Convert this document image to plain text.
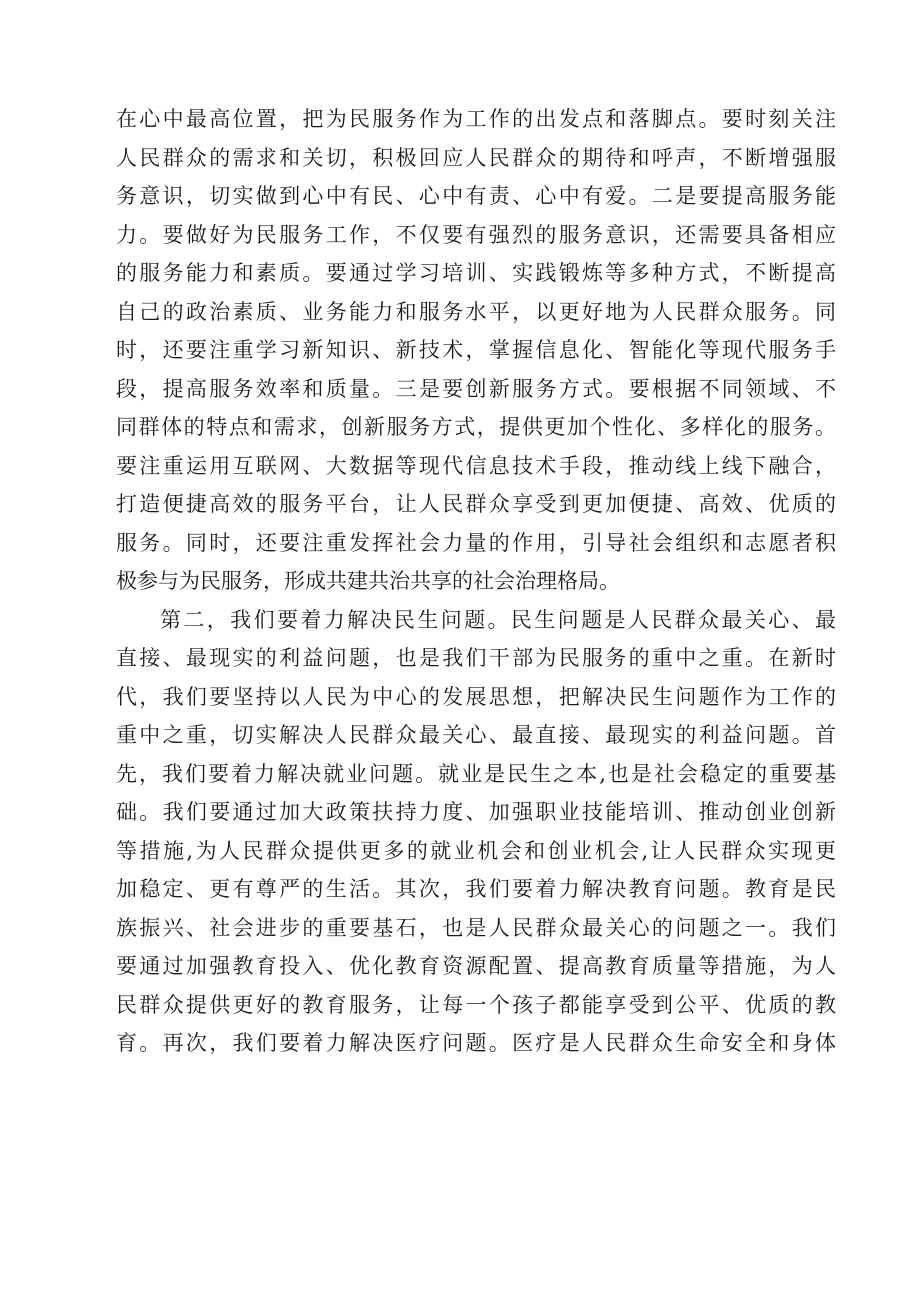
在心中最高位置，把为民服务作为工作的出发点和落脚点。要时刻关注
人民群众的需求和关切，积极回应人民群众的期待和呼声，不断增强服
务意识，切实做到心中有民、心中有责、心中有爱。二是要提高服务能
力。要做好为民服务工作，不仅要有强烈的服务意识，还需要具备相应
的服务能力和素质。要通过学习培训、实践锻炼等多种方式，不断提高
自己的政治素质、业务能力和服务水平，以更好地为人民群众服务。同
时，还要注重学习新知识、新技术，掌握信息化、智能化等现代服务手
段，提高服务效率和质量。三是要创新服务方式。要根据不同领域、不
同群体的特点和需求，创新服务方式，提供更加个性化、多样化的服务。
要注重运用互联网、大数据等现代信息技术手段，推动线上线下融合，
打造便捷高效的服务平台，让人民群众享受到更加便捷、高效、优质的
服务。同时，还要注重发挥社会力量的作用，引导社会组织和志愿者积
极参与为民服务，形成共建共治共享的社会治理格局。
第二，我们要着力解决民生问题。民生问题是人民群众最关心、最
直接、最现实的利益问题，也是我们干部为民服务的重中之重。在新时
代，我们要坚持以人民为中心的发展思想，把解决民生问题作为工作的
重中之重，切实解决人民群众最关心、最直接、最现实的利益问题。首
先，我们要着力解决就业问题。就业是民生之本,也是社会稳定的重要基
础。我们要通过加大政策扶持力度、加强职业技能培训、推动创业创新
等措施,为人民群众提供更多的就业机会和创业机会,让人民群众实现更
加稳定、更有尊严的生活。其次，我们要着力解决教育问题。教育是民
族振兴、社会进步的重要基石，也是人民群众最关心的问题之一。我们
要通过加强教育投入、优化教育资源配置、提高教育质量等措施，为人
民群众提供更好的教育服务，让每一个孩子都能享受到公平、优质的教
育。再次，我们要着力解决医疗问题。医疗是人民群众生命安全和身体
